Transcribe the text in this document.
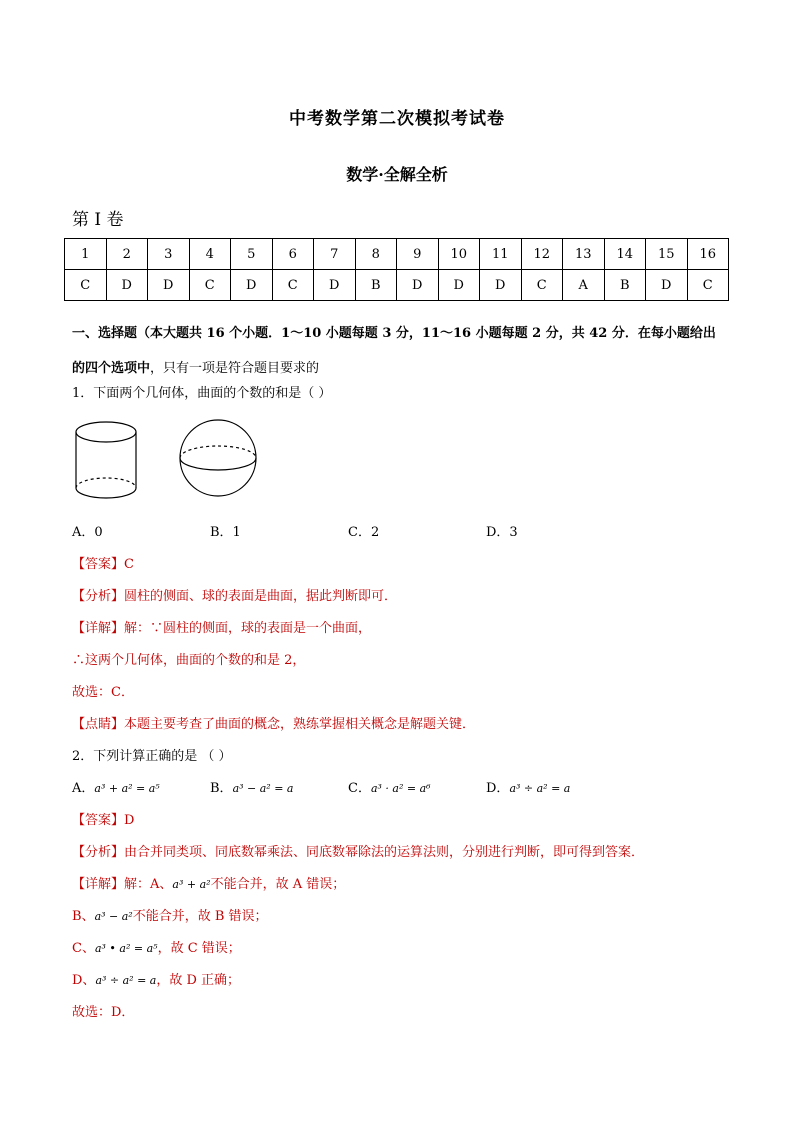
中考数学第二次模拟考试卷
数学·全解全析
第 I 卷
1	2	3	4	5	6	7	8	9	10	11	12	13	14	15	16
C	D	D	C	D	C	D	B	D	D	D	C	A	B	D	C
一、选择题（本大题共 16 个小题．1～10 小题每题 3 分，11～16 小题每题 2 分，共 42 分．在每小题给出
的四个选项中，只有一项是符合题目要求的
1．下面两个几何体，曲面的个数的和是（ ）
A．0	B．1	C．2	D．3
【答案】C
【分析】圆柱的侧面、球的表面是曲面，据此判断即可．
【详解】解：∵圆柱的侧面，球的表面是一个曲面，
∴这两个几何体，曲面的个数的和是 2，
故选：C．
【点睛】本题主要考查了曲面的概念，熟练掌握相关概念是解题关键．
2．下列计算正确的是 （ ）
A．a³ + a² = a⁵	B．a³ − a² = a	C．a³ · a² = a⁶	D．a³ ÷ a² = a
【答案】D
【分析】由合并同类项、同底数幂乘法、同底数幂除法的运算法则，分别进行判断，即可得到答案．
【详解】解：A、a³ + a²不能合并，故 A 错误；
B、a³ − a²不能合并，故 B 错误；
C、a³ • a² = a⁵，故 C 错误；
D、a³ ÷ a² = a，故 D 正确；
故选：D．
